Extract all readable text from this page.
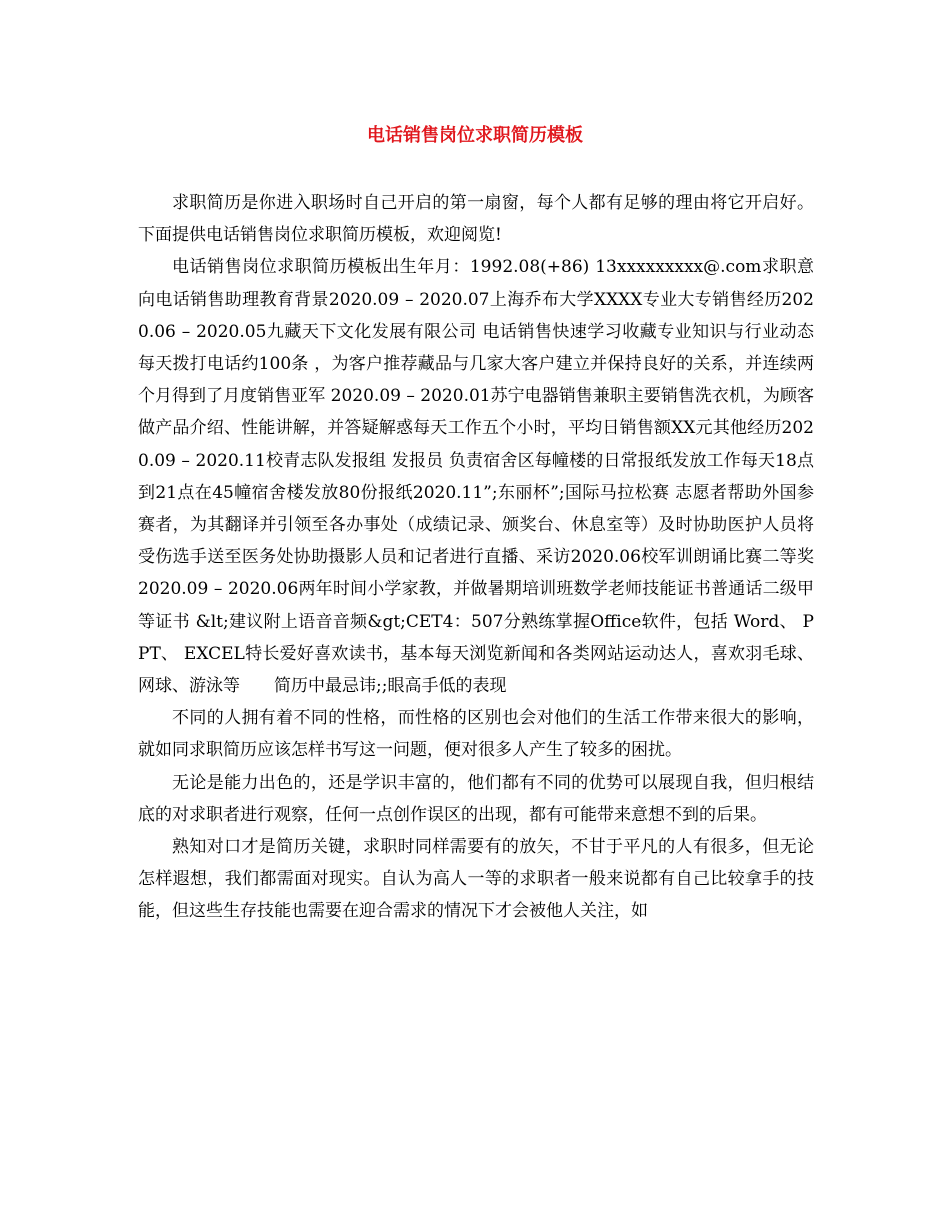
电话销售岗位求职简历模板

求职简历是你进入职场时自己开启的第一扇窗，每个人都有足够的理由将它开启好。下面提供电话销售岗位求职简历模板，欢迎阅览!

电话销售岗位求职简历模板出生年月：1992.08(+86) 13xxxxxxxxx@.com求职意向电话销售助理教育背景2020.09 – 2020.07上海乔布大学XXXX专业大专销售经历2020.06 – 2020.05九藏天下文化发展有限公司 电话销售快速学习收藏专业知识与行业动态每天拨打电话约100条 ，为客户推荐藏品与几家大客户建立并保持良好的关系，并连续两个月得到了月度销售亚军 2020.09 – 2020.01苏宁电器销售兼职主要销售洗衣机，为顾客做产品介绍、性能讲解，并答疑解惑每天工作五个小时，平均日销售额XX元其他经历2020.09 – 2020.11校青志队发报组 发报员 负责宿舍区每幢楼的日常报纸发放工作每天18点到21点在45幢宿舍楼发放80份报纸2020.11”;东丽杯”;国际马拉松赛 志愿者帮助外国参赛者，为其翻译并引领至各办事处（成绩记录、颁奖台、休息室等）及时协助医护人员将受伤选手送至医务处协助摄影人员和记者进行直播、采访2020.06校军训朗诵比赛二等奖 2020.09 – 2020.06两年时间小学家教，并做暑期培训班数学老师技能证书普通话二级甲等证书 &lt;建议附上语音音频&gt;CET4：507分熟练掌握Office软件，包括 Word、 PPT、 EXCEL特长爱好喜欢读书，基本每天浏览新闻和各类网站运动达人，喜欢羽毛球、网球、游泳等　　简历中最忌讳;;眼高手低的表现

不同的人拥有着不同的性格，而性格的区别也会对他们的生活工作带来很大的影响，就如同求职简历应该怎样书写这一问题，便对很多人产生了较多的困扰。

无论是能力出色的，还是学识丰富的，他们都有不同的优势可以展现自我，但归根结底的对求职者进行观察，任何一点创作误区的出现，都有可能带来意想不到的后果。

熟知对口才是简历关键，求职时同样需要有的放矢，不甘于平凡的人有很多，但无论怎样遐想，我们都需面对现实。自认为高人一等的求职者一般来说都有自己比较拿手的技能，但这些生存技能也需要在迎合需求的情况下才会被他人关注，如
